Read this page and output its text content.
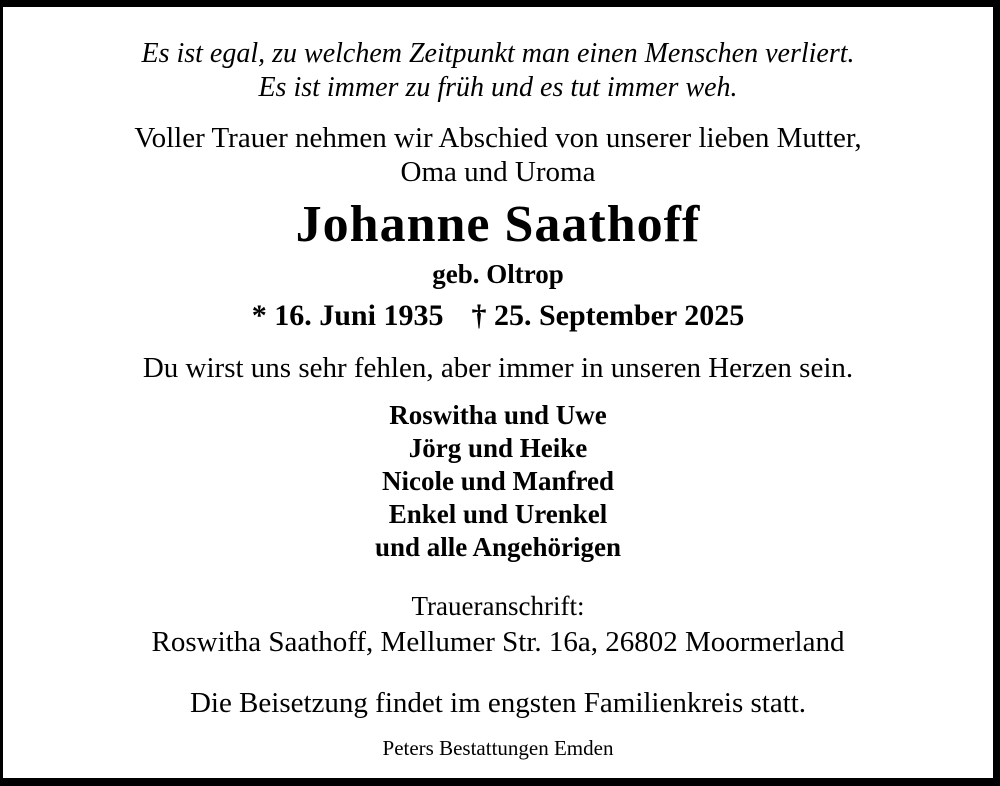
Es ist egal, zu welchem Zeitpunkt man einen Menschen verliert.
Es ist immer zu früh und es tut immer weh.
Voller Trauer nehmen wir Abschied von unserer lieben Mutter,
Oma und Uroma
Johanne Saathoff
geb. Oltrop
* 16. Juni 1935 † 25. September 2025
Du wirst uns sehr fehlen, aber immer in unseren Herzen sein.
Roswitha und Uwe
Jörg und Heike
Nicole und Manfred
Enkel und Urenkel
und alle Angehörigen
Traueranschrift:
Roswitha Saathoff, Mellumer Str. 16a, 26802 Moormerland
Die Beisetzung findet im engsten Familienkreis statt.
Peters Bestattungen Emden
